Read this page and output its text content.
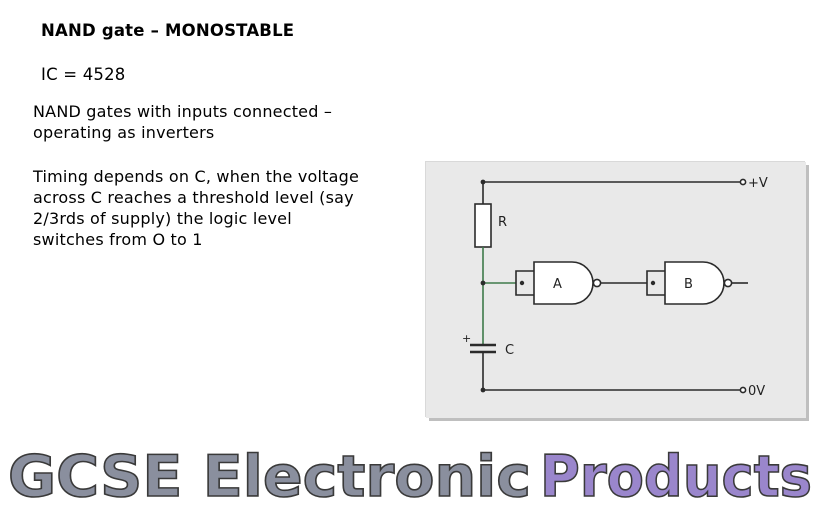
NAND gate – MONOSTABLE

IC = 4528

NAND gates with inputs connected –
operating as inverters

Timing depends on C, when the voltage
across C reaches a threshold level (say
2/3rds of supply) the logic level
switches from O to 1

+V
0V
R
C
+
A	B
GCSE Electronic Products
